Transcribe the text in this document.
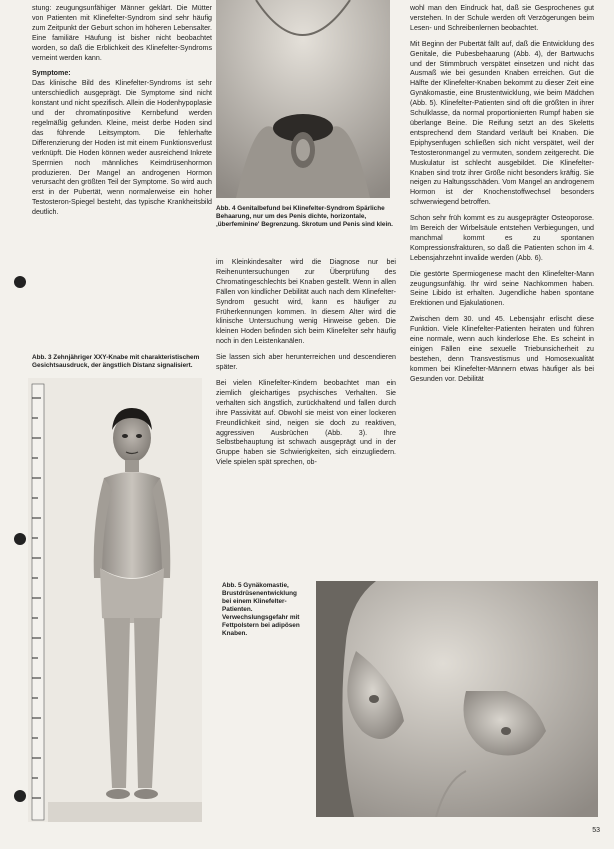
stung: zeugungsunfähiger Männer geklärt. Die Mütter von Patienten mit Klinefelter-Syndrom sind sehr häufig zum Zeitpunkt der Geburt schon im höheren Lebensalter. Eine familiäre Häufung ist bisher nicht beobachtet worden, so daß die Erblichkeit des Klinefelter-Syndroms verneint werden kann.

Symptome:

Das klinische Bild des Klinefelter-Syndroms ist sehr unterschiedlich ausgeprägt. Die Symptome sind nicht konstant und nicht spezifisch. Allein die Hodenhypoplasie und der chromatinpositive Kernbefund werden regelmäßig gefunden. Kleine, meist derbe Hoden sind das führende Leitsymptom. Die fehlerhafte Differenzierung der Hoden ist mit einem Funktionsverlust verknüpft. Die Hoden können weder ausreichend Inkrete Sperrnien noch männliches Keimdrüsenhormon produzieren. Der Mangel an androgenen Hormon verursacht den größten Teil der Symptome. So wird auch erst in der Pubertät, wenn normalerweise ein hoher Testosteron-Spiegel besteht, das typische Krankheitsbild deutlich.

Abb. 3 Zehnjähriger XXY-Knabe mit charakteristischem Gesichtsausdruck, der ängstlich Distanz signalisiert.
Abb. 4 Genitalbefund bei Klinefelter-Syndrom Spärliche Behaarung, nur um des Penis dichte, horizontale, ‚überfeminine' Begrenzung. Skrotum und Penis sind klein.

im Kleinkindesalter wird die Diagnose nur bei Reihenuntersuchungen zur Überprüfung des Chromatingeschlechts bei Knaben gestellt. Wenn in allen Fällen von kindlicher Debilität auch nach dem Klinefelter-Syndrom gesucht wird, kann es häufiger zu Früherkennungen kommen. In diesem Alter wird die klinische Untersuchung wenig Hinweise geben. Die kleinen Hoden befinden sich beim Klinefelter sehr häufig noch in den Leistenkanälen.

Sie lassen sich aber herunterreichen und descendieren später.

Bei vielen Klinefelter-Kindern beobachtet man ein ziemlich gleichartiges psychisches Verhalten. Sie verhalten sich ängstlich, zurückhaltend und fallen durch ihre Passivität auf. Obwohl sie meist von einer lockeren Freundlichkeit sind, neigen sie doch zu reaktiven, aggressiven Ausbrüchen (Abb. 3). Ihre Selbstbehauptung ist schwach ausgeprägt und in der Gruppe haben sie Schwierigkeiten, sich einzugliedern. Viele spielen spät sprechen, ob-

wohl man den Eindruck hat, daß sie Gesprochenes gut verstehen. In der Schule werden oft Verzögerungen beim Lesen- und Schreibenlernen beobachtet.

Mit Beginn der Pubertät fällt auf, daß die Entwicklung des Genitale, die Pubesbehaarung (Abb. 4), der Bartwuchs und der Stimmbruch verspätet einsetzen und nicht das Ausmaß wie bei gesunden Knaben erreichen. Gut die Hälfte der Klinefelter-Knaben bekommt zu dieser Zeit eine Gynäkomastie, eine Brustentwicklung, wie beim Mädchen (Abb. 5). Klinefelter-Patienten sind oft die größten in ihrer Schulklasse, da normal proportionierten Rumpf haben sie überlange Beine. Die Reifung setzt an des Skeletts entsprechend dem Standard verläuft bei Knaben. Die Epiphysenfugen schließen sich nicht verspätet, weil der Testosteronmangel zu vermuten, sondern zeitgerecht. Die Muskulatur ist schlecht ausgebildet. Die Klinefelter-Knaben sind trotz ihrer Größe nicht besonders kräftig. Sie neigen zu Haltungsschäden. Vom Mangel an androgenem Hormon ist der Knochenstoffwechsel besonders schwerwiegend betroffen.

Schon sehr früh kommt es zu ausgeprägter Osteoporose. Im Bereich der Wirbelsäule entstehen Verbiegungen, und manchmal kommt es zu spontanen Kompressionsfrakturen, so daß die Patienten schon im 4. Lebensjahrzehnt invalide werden (Abb. 6).

Die gestörte Spermiogenese macht den Klinefelter-Mann zeugungsunfähig. Ihr wird seine Nachkommen haben. Seine Libido ist erhalten. Jugendliche haben spontane Erektionen und Ejakulationen.

Zwischen dem 30. und 45. Lebensjahr erlischt diese Funktion. Viele Klinefelter-Patienten heiraten und führen eine normale, wenn auch kinderlose Ehe. Es scheint in einigen Fällen eine sexuelle Triebunsicherheit zu bestehen, denn Transvestismus und Homosexualität kommen bei Klinefelter-Männern etwas häufiger als bei Gesunden vor. Debilität

Abb. 5 Gynäkomastie, Brustdrüsenentwicklung bei einem Klinefelter-Patienten. Verwechslungsgefahr mit Fettpolstern bei adipösen Knaben.
53
